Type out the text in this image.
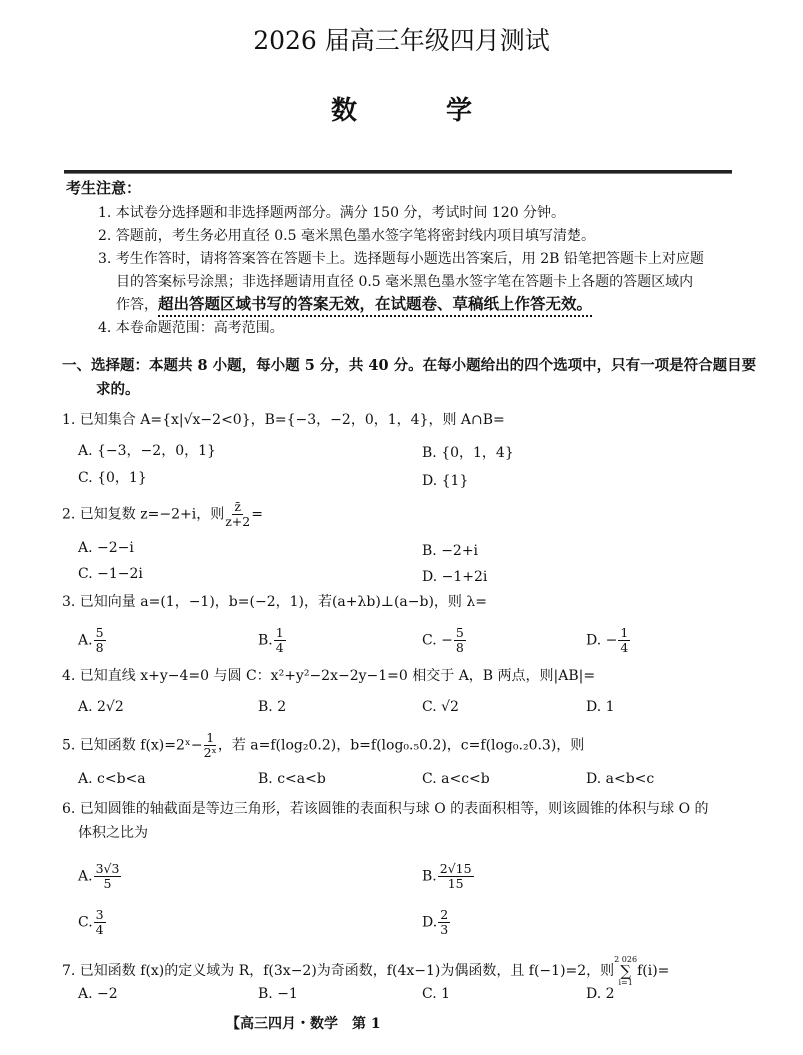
2026 届高三年级四月测试
数 学
考生注意：
1. 本试卷分选择题和非选择题两部分。满分 150 分，考试时间 120 分钟。
2. 答题前，考生务必用直径 0.5 毫米黑色墨水签字笔将密封线内项目填写清楚。
3. 考生作答时，请将答案答在答题卡上。选择题每小题选出答案后，用 2B 铅笔把答题卡上对应题
目的答案标号涂黑；非选择题请用直径 0.5 毫米黑色墨水签字笔在答题卡上各题的答题区域内
作答，超出答题区域书写的答案无效，在试题卷、草稿纸上作答无效。
4. 本卷命题范围：高考范围。
一、选择题：本题共 8 小题，每小题 5 分，共 40 分。在每小题给出的四个选项中，只有一项是符合题目要
求的。
1. 已知集合 A={x|√x−2<0}，B={−3，−2，0，1，4}，则 A∩B=
A. {−3，−2，0，1}	B. {0，1，4}
C. {0，1}	D. {1}
2. 已知复数 z=−2+i，则 $\frac{z̄}{z+2}$ =
A. −2−i	B. −2+i
C. −1−2i	D. −1+2i
3. 已知向量 a=(1，−1)，b=(−2，1)，若(a+λb)⊥(a−b)，则 λ=
A. $\frac{5}{8}$	B. $\frac{1}{4}$	C. − $\frac{5}{8}$	D. − $\frac{1}{4}$
4. 已知直线 x+y−4=0 与圆 C：x²+y²−2x−2y−1=0 相交于 A，B 两点，则|AB|=
A. 2√2	B. 2	C. √2	D. 1
5. 已知函数 f(x)=2ˣ− $\frac{1}{\text{2ˣ}}$ ，若 a=f(log₂0.2)，b=f(log₀.₅0.2)，c=f(log₀.₂0.3)，则
A. c<b<a	B. c<a<b	C. a<c<b	D. a<b<c
6. 已知圆锥的轴截面是等边三角形，若该圆锥的表面积与球 O 的表面积相等，则该圆锥的体积与球 O 的
体积之比为
A. $\frac{3√3}{5}$	B. $\frac{2√15}{15}$
C. $\frac{3}{4}$	D. $\frac{2}{3}$
7. 已知函数 f(x)的定义域为 R，f(3x−2)为奇函数，f(4x−1)为偶函数，且 f(−1)=2，则
2 026
∑
i=1
f(i)=
A. −2	B. −1	C. 1	D. 2
【高三四月・数学　第 1
